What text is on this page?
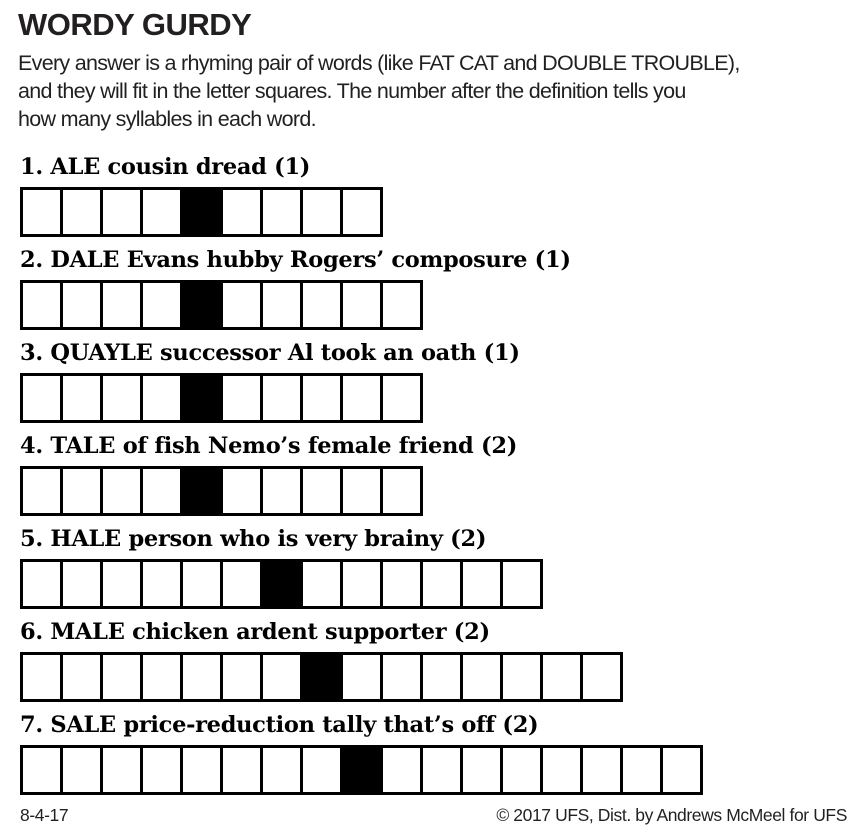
WORDY GURDY
Every answer is a rhyming pair of words (like FAT CAT and DOUBLE TROUBLE),
and they will fit in the letter squares. The number after the definition tells you
how many syllables in each word.
1. ALE cousin dread (1)
2. DALE Evans hubby Rogers’ composure (1)
3. QUAYLE successor Al took an oath (1)
4. TALE of fish Nemo’s female friend (2)
5. HALE person who is very brainy (2)
6. MALE chicken ardent supporter (2)
7. SALE price-reduction tally that’s off (2)
8-4-17	© 2017 UFS, Dist. by Andrews McMeel for UFS
